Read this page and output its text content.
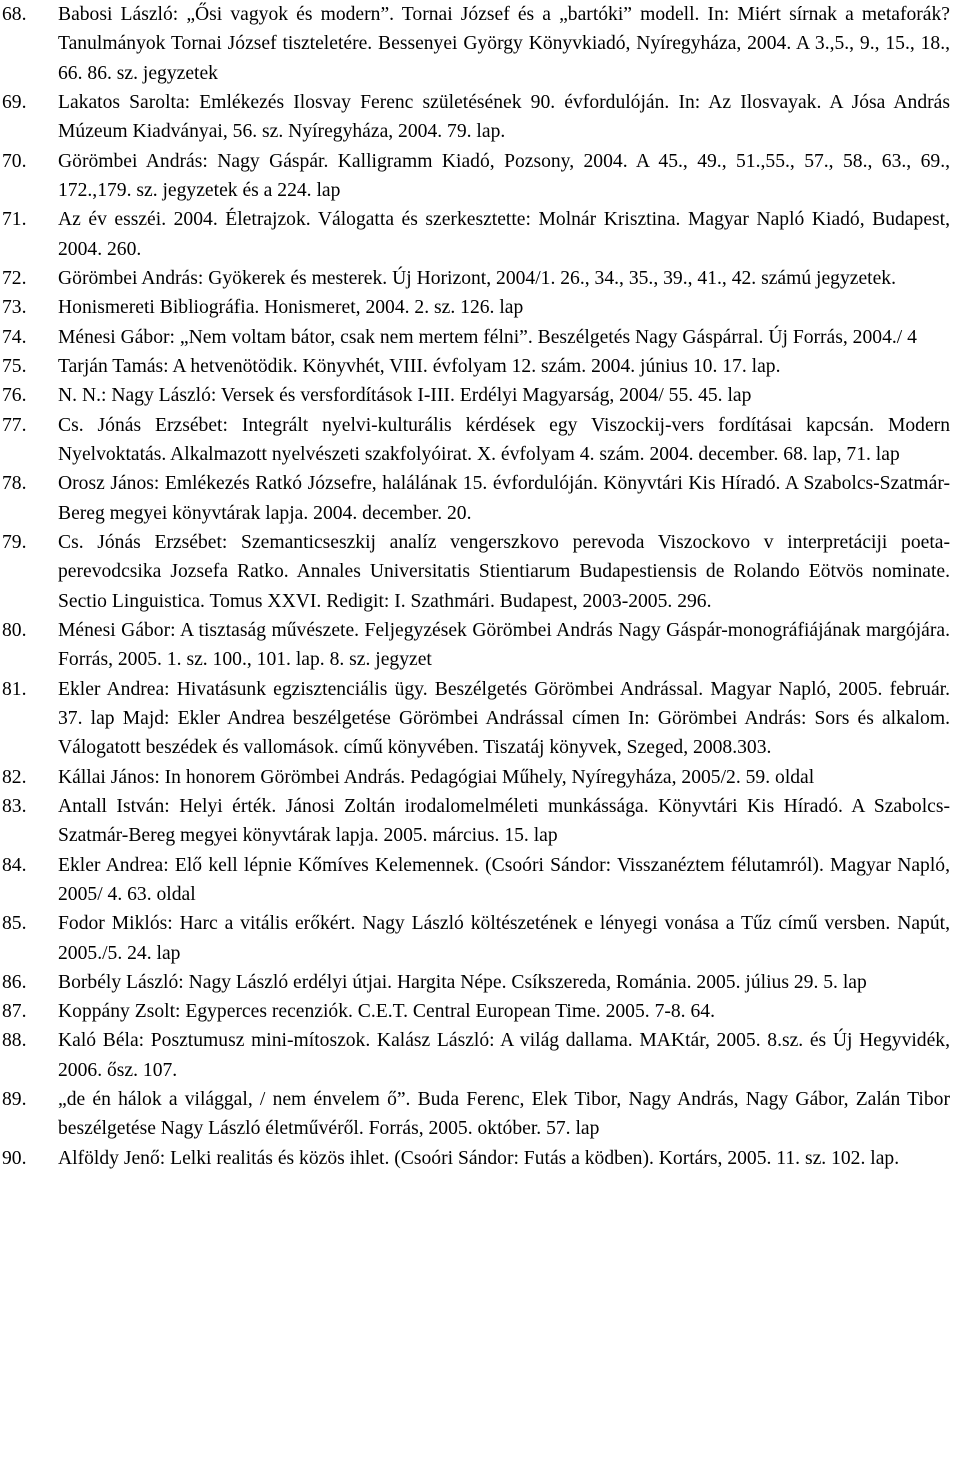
68.	Babosi László: „Ősi vagyok és modern”. Tornai József és a „bartóki” modell. In: Miért sírnak a metaforák? Tanulmányok Tornai József tiszteletére. Bessenyei György Könyvkiadó, Nyíregyháza, 2004. A 3.,5., 9., 15., 18., 66. 86. sz. jegyzetek
69.	Lakatos Sarolta: Emlékezés Ilosvay Ferenc születésének 90. évfordulóján. In: Az Ilosvayak. A Jósa András Múzeum Kiadványai, 56. sz. Nyíregyháza, 2004. 79. lap.
70.	Görömbei András: Nagy Gáspár. Kalligramm Kiadó, Pozsony, 2004. A 45., 49., 51.,55., 57., 58., 63., 69., 172.,179. sz. jegyzetek és a 224. lap
71.	Az év esszéi. 2004. Életrajzok. Válogatta és szerkesztette: Molnár Krisztina. Magyar Napló Kiadó, Budapest, 2004. 260.
72.	Görömbei András: Gyökerek és mesterek. Új Horizont, 2004/1. 26., 34., 35., 39., 41., 42. számú jegyzetek.
73.	Honismereti Bibliográfia. Honismeret, 2004. 2. sz. 126. lap
74.	Ménesi Gábor: „Nem voltam bátor, csak nem mertem félni”. Beszélgetés Nagy Gáspárral. Új Forrás, 2004./ 4
75.	Tarján Tamás: A hetvenötödik. Könyvhét, VIII. évfolyam 12. szám. 2004. június 10. 17. lap.
76.	N. N.: Nagy László: Versek és versfordítások I-III. Erdélyi Magyarság, 2004/ 55. 45. lap
77.	Cs. Jónás Erzsébet: Integrált nyelvi-kulturális kérdések egy Viszockij-vers fordításai kapcsán. Modern Nyelvoktatás. Alkalmazott nyelvészeti szakfolyóirat. X. évfolyam 4. szám. 2004. december. 68. lap, 71. lap
78.	Orosz János: Emlékezés Ratkó Józsefre, halálának 15. évfordulóján. Könyvtári Kis Híradó. A Szabolcs-Szatmár-Bereg megyei könyvtárak lapja. 2004. december. 20.
79.	Cs. Jónás Erzsébet: Szemanticseszkij analíz vengerszkovo perevoda Viszockovo v interpretáciji poeta-perevodcsika Jozsefa Ratko. Annales Universitatis Stientiarum Budapestiensis de Rolando Eötvös nominate. Sectio Linguistica. Tomus XXVI. Redigit: I. Szathmári. Budapest, 2003-2005. 296.
80.	Ménesi Gábor: A tisztaság művészete. Feljegyzések Görömbei András Nagy Gáspár-monográfiájának margójára. Forrás, 2005. 1. sz. 100., 101. lap. 8. sz. jegyzet
81.	Ekler Andrea: Hivatásunk egzisztenciális ügy. Beszélgetés Görömbei Andrással. Magyar Napló, 2005. február. 37. lap Majd: Ekler Andrea beszélgetése Görömbei Andrással címen In: Görömbei András: Sors és alkalom. Válogatott beszédek és vallomások. című könyvében. Tiszatáj könyvek, Szeged, 2008.303.
82.	Kállai János: In honorem Görömbei András. Pedagógiai Műhely, Nyíregyháza, 2005/2. 59. oldal
83.	Antall István: Helyi érték. Jánosi Zoltán irodalomelméleti munkássága. Könyvtári Kis Híradó. A Szabolcs-Szatmár-Bereg megyei könyvtárak lapja. 2005. március. 15. lap
84.	Ekler Andrea: Elő kell lépnie Kőmíves Kelemennek. (Csoóri Sándor: Visszanéztem félutamról). Magyar Napló, 2005/ 4. 63. oldal
85.	Fodor Miklós: Harc a vitális erőkért. Nagy László költészetének e lényegi vonása a Tűz című versben. Napút, 2005./5. 24. lap
86.	Borbély László: Nagy László erdélyi útjai. Hargita Népe. Csíkszereda, Románia. 2005. július 29. 5. lap
87.	Koppány Zsolt: Egyperces recenziók. C.E.T. Central European Time. 2005. 7-8. 64.
88.	Kaló Béla: Posztumusz mini-mítoszok. Kalász László: A világ dallama. MAKtár, 2005. 8.sz. és Új Hegyvidék, 2006. ősz. 107.
89.	„de én hálok a világgal, / nem énvelem ő”. Buda Ferenc, Elek Tibor, Nagy András, Nagy Gábor, Zalán Tibor beszélgetése Nagy László életművéről. Forrás, 2005. október. 57. lap
90.	Alföldy Jenő: Lelki realitás és közös ihlet. (Csoóri Sándor: Futás a ködben). Kortárs, 2005. 11. sz. 102. lap.
